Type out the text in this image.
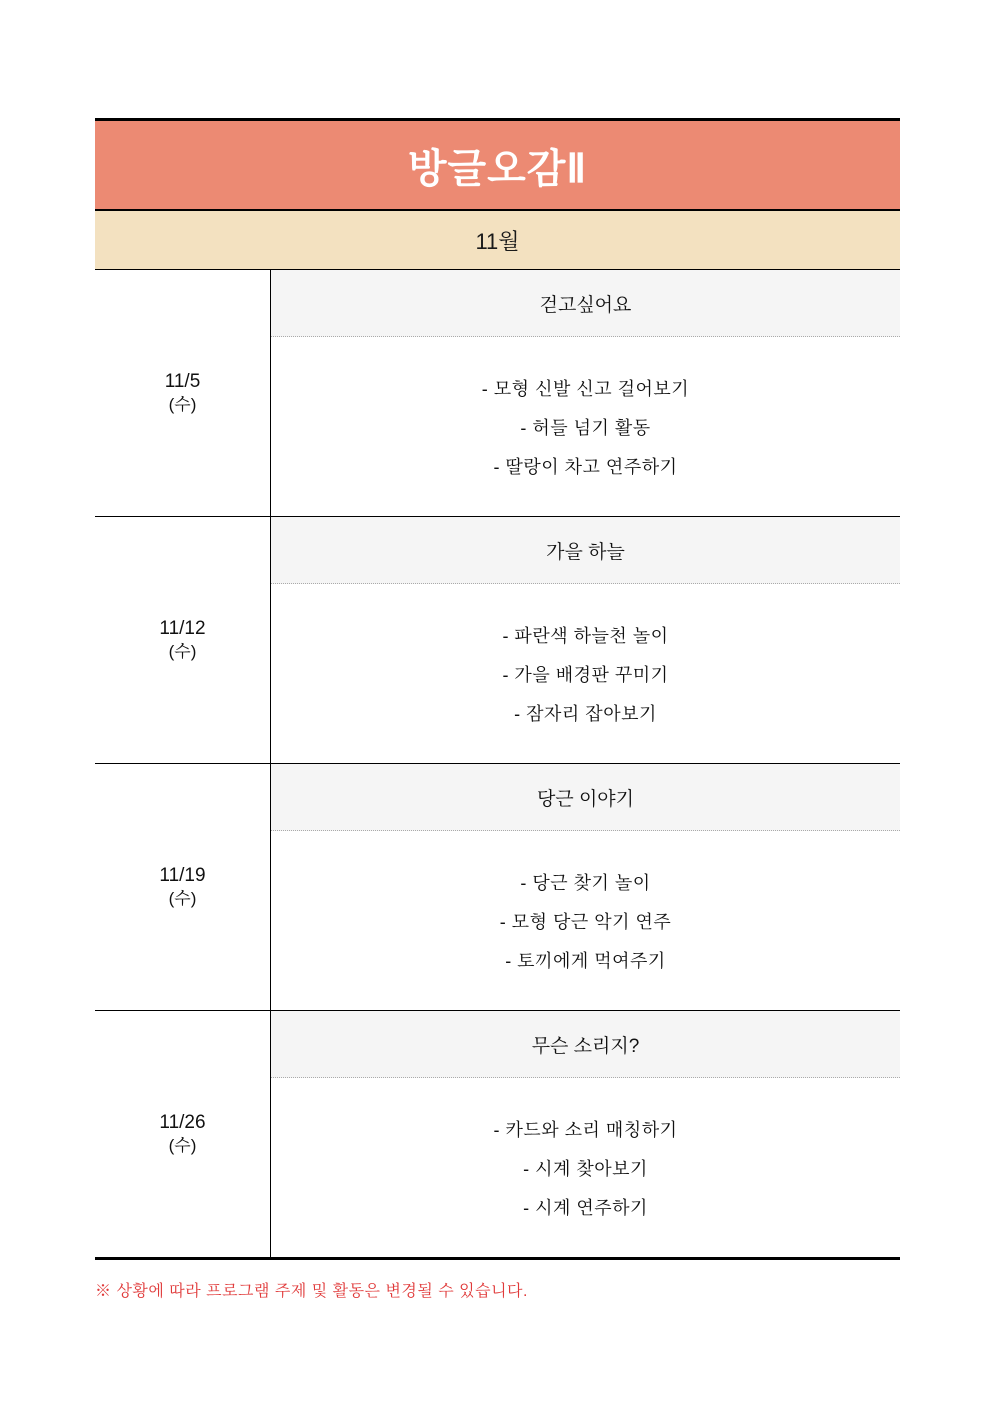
방글오감Ⅱ
11월
11/5
(수)

걷고싶어요
- 모형 신발 신고 걸어보기
- 허들 넘기 활동
- 딸랑이 차고 연주하기

11/12
(수)

가을 하늘
- 파란색 하늘천 놀이
- 가을 배경판 꾸미기
- 잠자리 잡아보기

11/19
(수)

당근 이야기
- 당근 찾기 놀이
- 모형 당근 악기 연주
- 토끼에게 먹여주기

11/26
(수)

무슨 소리지?
- 카드와 소리 매칭하기
- 시계 찾아보기
- 시계 연주하기
※ 상황에 따라 프로그램 주제 및 활동은 변경될 수 있습니다.
